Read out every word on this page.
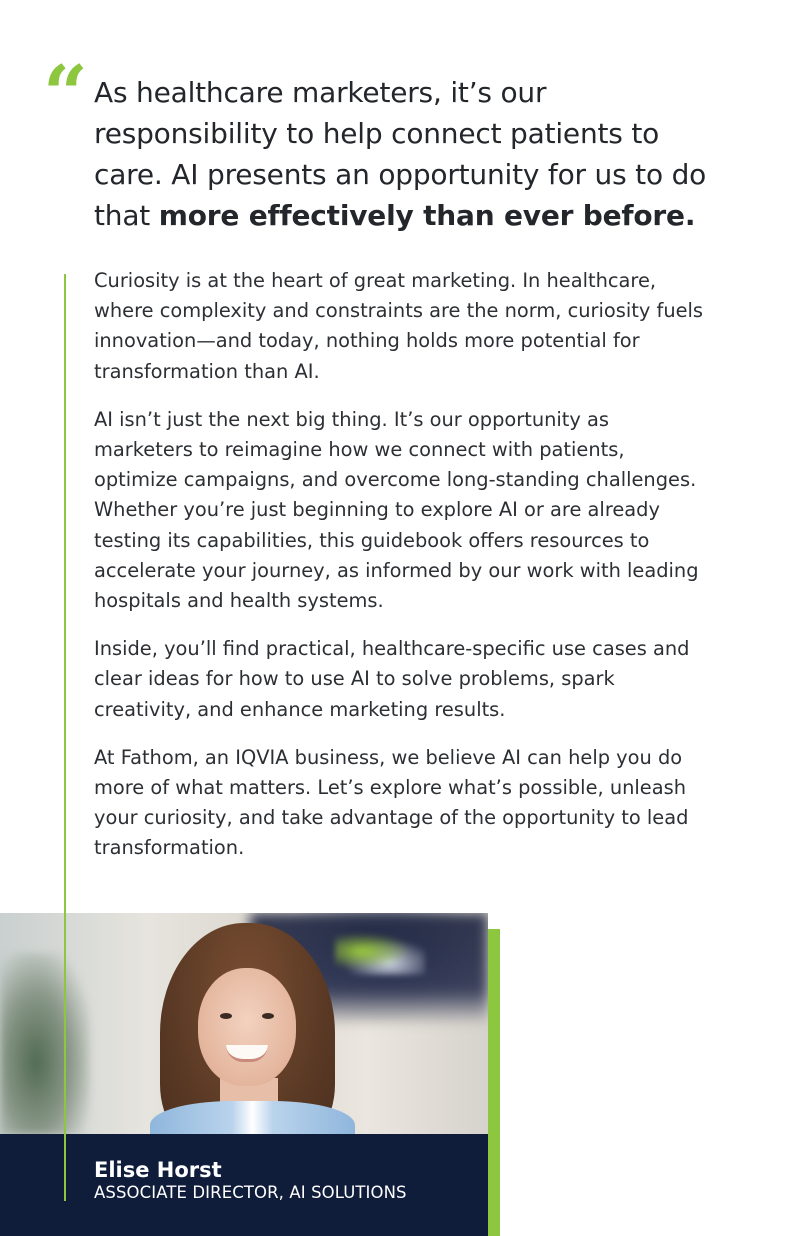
“ As healthcare marketers, it’s our responsibility to help connect patients to care. AI presents an opportunity for us to do that more effectively than ever before.

Curiosity is at the heart of great marketing. In healthcare, where complexity and constraints are the norm, curiosity fuels innovation—and today, nothing holds more potential for transformation than AI.

AI isn’t just the next big thing. It’s our opportunity as marketers to reimagine how we connect with patients, optimize campaigns, and overcome long-standing challenges. Whether you’re just beginning to explore AI or are already testing its capabilities, this guidebook offers resources to accelerate your journey, as informed by our work with leading hospitals and health systems.

Inside, you’ll find practical, healthcare-specific use cases and clear ideas for how to use AI to solve problems, spark creativity, and enhance marketing results.

At Fathom, an IQVIA business, we believe AI can help you do more of what matters. Let’s explore what’s possible, unleash your curiosity, and take advantage of the opportunity to lead transformation.

Elise Horst
ASSOCIATE DIRECTOR, AI SOLUTIONS
